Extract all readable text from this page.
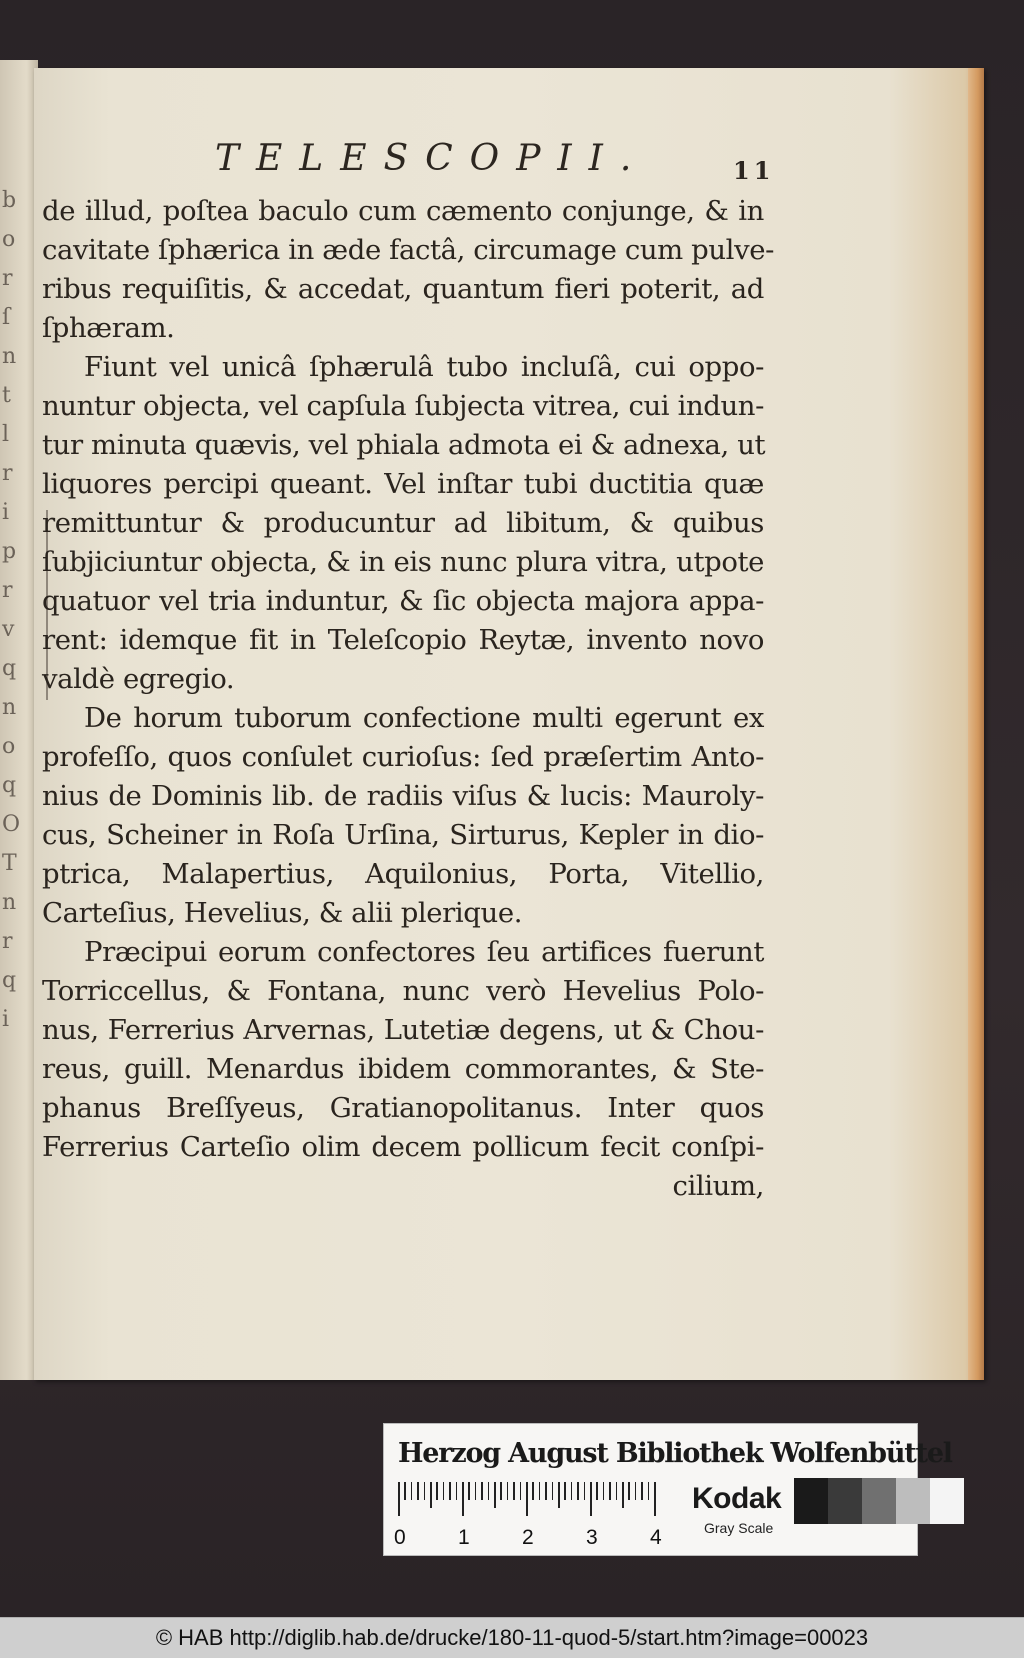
b
o
r
ſ
n
t
l
r
i
p
r
v
q
n
o
q
O
T
n
r
q
i
TELESCOPII.	11
de illud, poſtea baculo cum cæmento conjunge, & in
cavitate ſphærica in æde factâ, circumage cum pulve-
ribus requiſitis, & accedat, quantum fieri poterit, ad
ſphæram.
Fiunt vel unicâ ſphærulâ tubo incluſâ, cui oppo-
nuntur objecta, vel capſula ſubjecta vitrea, cui indun-
tur minuta quævis, vel phiala admota ei & adnexa, ut
liquores percipi queant. Vel inſtar tubi ductitia quæ
remittuntur & producuntur ad libitum, & quibus
ſubjiciuntur objecta, & in eis nunc plura vitra, utpote
quatuor vel tria induntur, & ſic objecta majora appa-
rent: idemque fit in Teleſcopio Reytæ, invento novo
valdè egregio.
De horum tuborum confectione multi egerunt ex
profeſſo, quos conſulet curioſus: ſed præſertim Anto-
nius de Dominis lib. de radiis viſus & lucis: Mauroly-
cus, Scheiner in Roſa Urſina, Sirturus, Kepler in dio-
ptrica, Malapertius, Aquilonius, Porta, Vitellio,
Carteſius, Hevelius, & alii plerique.
Præcipui eorum confectores ſeu artifices fuerunt
Torriccellus, & Fontana, nunc verò Hevelius Polo-
nus, Ferrerius Arvernas, Lutetiæ degens, ut & Chou-
reus, guill. Menardus ibidem commorantes, & Ste-
phanus Breſſyeus, Gratianopolitanus. Inter quos
Ferrerius Carteſio olim decem pollicum fecit conſpi-
cilium,
Herzog August Bibliothek Wolfenbüttel
0 1 2 3 4
Kodak
Gray Scale
© HAB http://diglib.hab.de/drucke/180-11-quod-5/start.htm?image=00023
